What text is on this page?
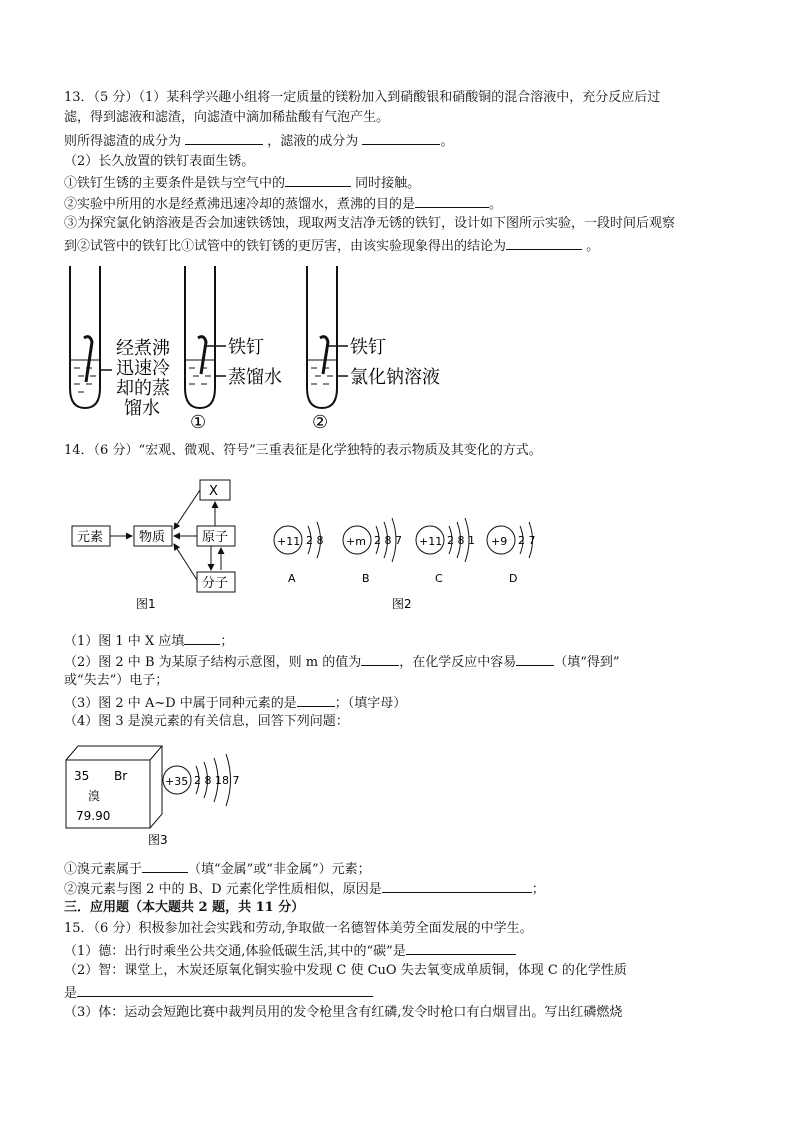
13．（5 分）（1）某科学兴趣小组将一定质量的镁粉加入到硝酸银和硝酸铜的混合溶液中，充分反应后过
滤，得到滤液和滤渣，向滤渣中滴加稀盐酸有气泡产生。
则所得滤渣的成分为	，滤液的成分为	。
（2）长久放置的铁钉表面生锈。
①铁钉生锈的主要条件是铁与空气中的	同时接触。
②实验中所用的水是经煮沸迅速冷却的蒸馏水，煮沸的目的是	。
③为探究氯化钠溶液是否会加速铁锈蚀，现取两支洁净无锈的铁钉，设计如下图所示实验，一段时间后观察
到②试管中的铁钉比①试管中的铁钉锈的更厉害，由该实验现象得出的结论为	。
经煮沸
迅速冷
却的蒸
馏水
铁钉
蒸馏水
①
铁钉
氯化钠溶液
②
14．（6 分）“宏观、微观、符号”三重表征是化学独特的表示物质及其变化的方式。
X
元素	物质	原子
分子
图1
+11 2 8
A
+m 2 8 7
B
+11 2 8 1
C
+9 2 7
D
图2
（1）图 1 中 X 应填	；
（2）图 2 中 B 为某原子结构示意图，则 m 的值为	，在化学反应中容易	（填“得到”
或“失去”）电子；
（3）图 2 中 A~D 中属于同种元素的是	；（填字母）
（4）图 3 是溴元素的有关信息，回答下列问题：
35 Br
溴
79.90
+35 2 8 18 7
图3
①溴元素属于	（填“金属”或“非金属”）元素；
②溴元素与图 2 中的 B、D 元素化学性质相似，原因是	；
三．应用题（本大题共 2 题，共 11 分）
15．（6 分）积极参加社会实践和劳动,争取做一名德智体美劳全面发展的中学生。
（1）德：出行时乘坐公共交通,体验低碳生活,其中的“碳”是
（2）智：课堂上，木炭还原氧化铜实验中发现 C 使 CuO 失去氧变成单质铜，体现 C 的化学性质
是
（3）体：运动会短跑比赛中裁判员用的发令枪里含有红磷,发令时枪口有白烟冒出。写出红磷燃烧
